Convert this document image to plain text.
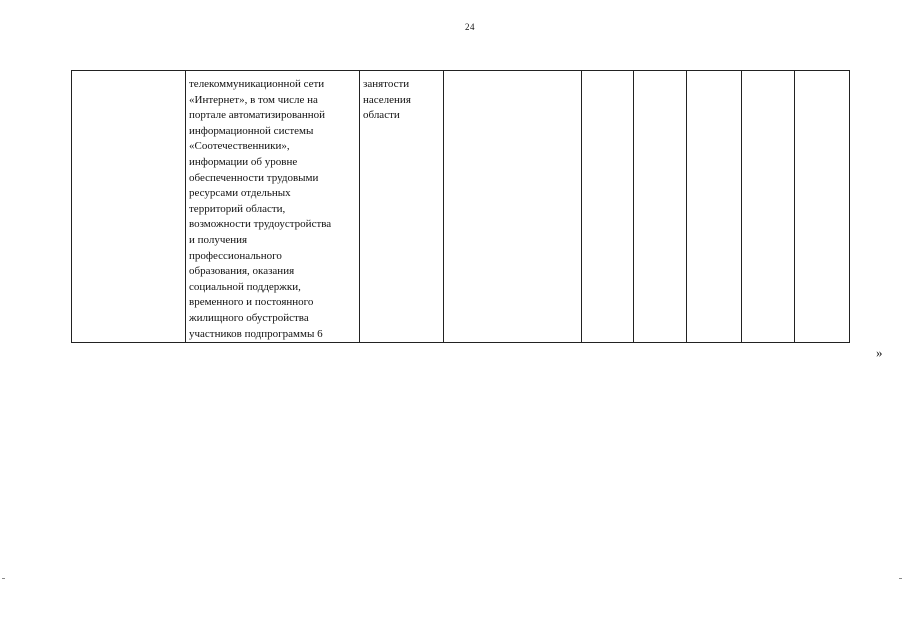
24

телекоммуникационной сети
«Интернет», в том числе на
портале автоматизированной
информационной системы
«Соотечественники»,
информации об уровне
обеспеченности трудовыми
ресурсами отдельных
территорий области,
возможности трудоустройства
и получения
профессионального
образования, оказания
социальной поддержки,
временного и постоянного
жилищного обустройства
участников подпрограммы 6

занятости
населения
области

»
